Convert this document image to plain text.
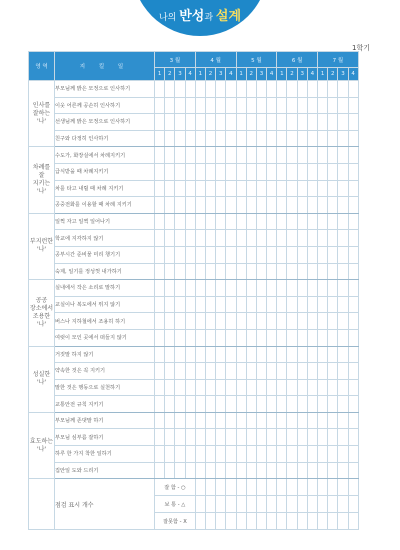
나의 반성과 설계
1학기
영 역	지 킬 일	3 월				4 월				5 월				6 월				7 월			
		1	2	3	4	1	2	3	4	1	2	3	4	1	2	3	4	1	2	3	4
인사를
잘하는
'나'	부모님께 밝은 모정으로 인사하기																				
	이웃 어른께 공손히 인사하기																				
	선생님께 밝은 모정으로 인사하기																				
	친구와 다정히 인사하기																				
차례를
잘
지키는
'나'	수도가, 화장실에서 차례지키기																				
	급식받을 때 차례지키기																				
	차를 타고 내릴 때 차례 지키기																				
	공중전화를 이용할 때 차례 지키기																				
부지런한
'나'	일찍 자고 일찍 일어나기																				
	학교에 지각하지 않기																				
	공부시간 준비물 미리 챙기기																				
	숙제, 일기를 정성껏 내가하기																				
공공
장소에서
조용한
'나'	실내에서 작은 소리로 말하기																				
	교실이나 복도에서 뛰지 않기																				
	버스나 지하철에서 조용히 하기																				
	여럿이 모인 곳에서 떠들지 않기																				
성실한
'나'	거짓말 하지 않기																				
	약속한 것은 꼭 지키기																				
	말한 것은 행동으로 실천하기																				
	교통안전 규칙 지키기																				
효도하는
'나'	부모님께 존댓말 하기																				
	부모님 심부름 잘하기																				
	하루 한 가지 착한 일하기																				
	집안일 도와 드리기																				
	점검 표시 개수	잘 함 - ○																			
		보 통 - △																			
		잘못함 - X																			
